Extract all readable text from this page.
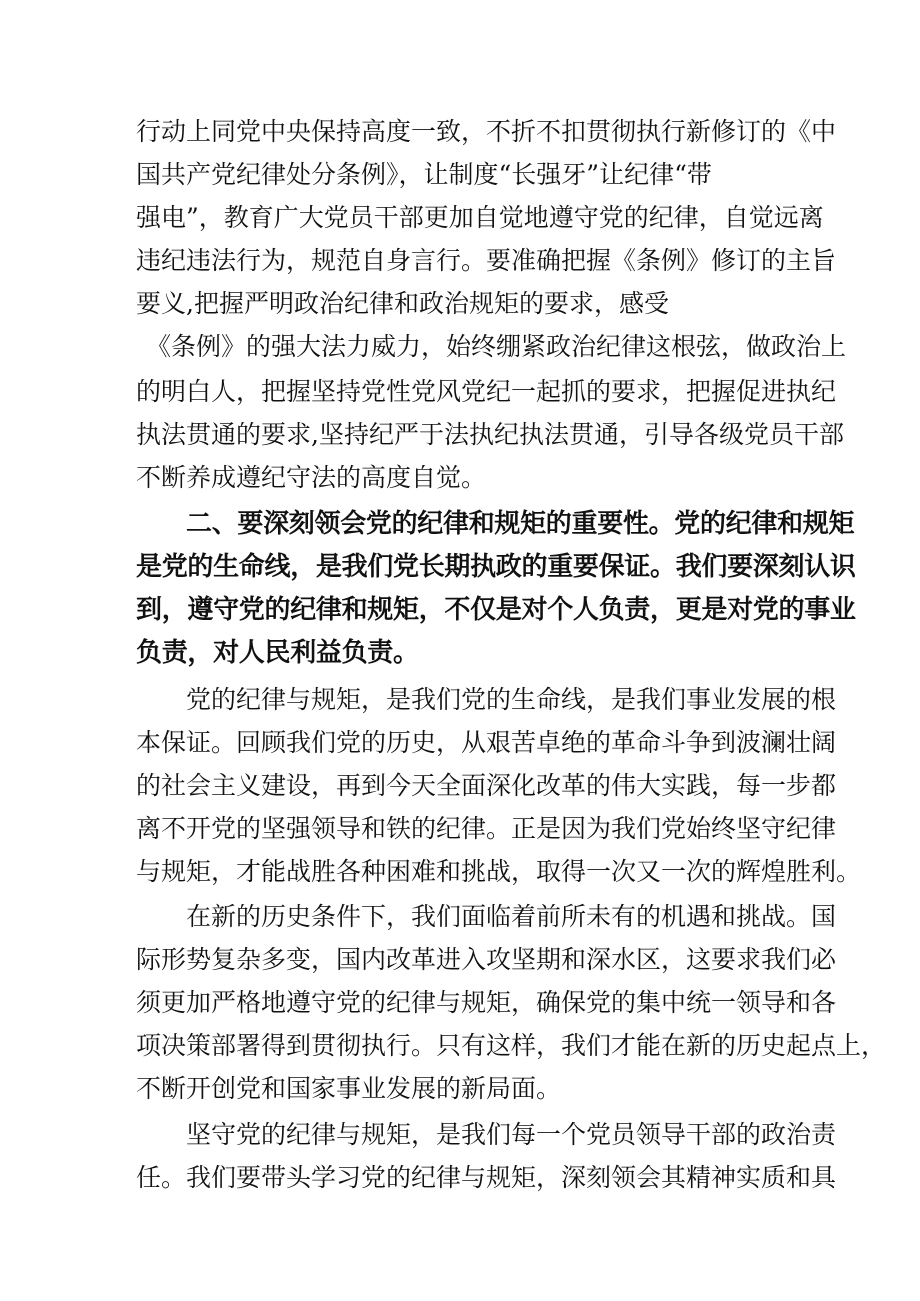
行动上同党中央保持高度一致，不折不扣贯彻执行新修订的《中
国共产党纪律处分条例》，让制度“长强牙”让纪律“带
强电”，教育广大党员干部更加自觉地遵守党的纪律，自觉远离
违纪违法行为，规范自身言行。要准确把握《条例》修订的主旨
要义,把握严明政治纪律和政治规矩的要求，感受
《条例》的强大法力威力，始终绷紧政治纪律这根弦，做政治上
的明白人，把握坚持党性党风党纪一起抓的要求，把握促进执纪
执法贯通的要求,坚持纪严于法执纪执法贯通，引导各级党员干部
不断养成遵纪守法的高度自觉。
二、要深刻领会党的纪律和规矩的重要性。党的纪律和规矩
是党的生命线，是我们党长期执政的重要保证。我们要深刻认识
到，遵守党的纪律和规矩，不仅是对个人负责，更是对党的事业
负责，对人民利益负责。
党的纪律与规矩，是我们党的生命线，是我们事业发展的根
本保证。回顾我们党的历史，从艰苦卓绝的革命斗争到波澜壮阔
的社会主义建设，再到今天全面深化改革的伟大实践，每一步都
离不开党的坚强领导和铁的纪律。正是因为我们党始终坚守纪律
与规矩，才能战胜各种困难和挑战，取得一次又一次的辉煌胜利。
在新的历史条件下，我们面临着前所未有的机遇和挑战。国
际形势复杂多变，国内改革进入攻坚期和深水区，这要求我们必
须更加严格地遵守党的纪律与规矩，确保党的集中统一领导和各
项决策部署得到贯彻执行。只有这样，我们才能在新的历史起点上，
不断开创党和国家事业发展的新局面。
坚守党的纪律与规矩，是我们每一个党员领导干部的政治责
任。我们要带头学习党的纪律与规矩，深刻领会其精神实质和具
